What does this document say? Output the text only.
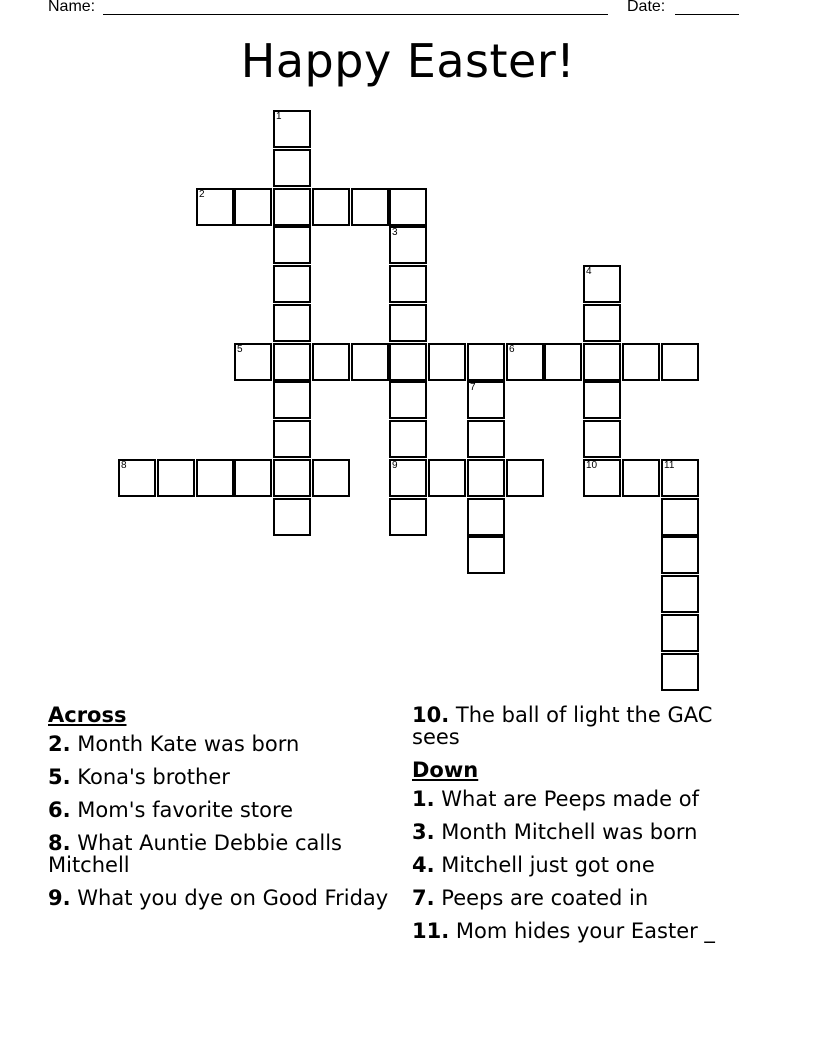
Name:	Date:
Happy Easter!
2
5	6
8	9	10	11
1
3
4
7
Across
2. Month Kate was born
5. Kona's brother
6. Mom's favorite store
8. What Auntie Debbie calls Mitchell
9. What you dye on Good Friday
10. The ball of light the GAC sees
Down
1. What are Peeps made of
3. Month Mitchell was born
4. Mitchell just got one
7. Peeps are coated in
11. Mom hides your Easter _
